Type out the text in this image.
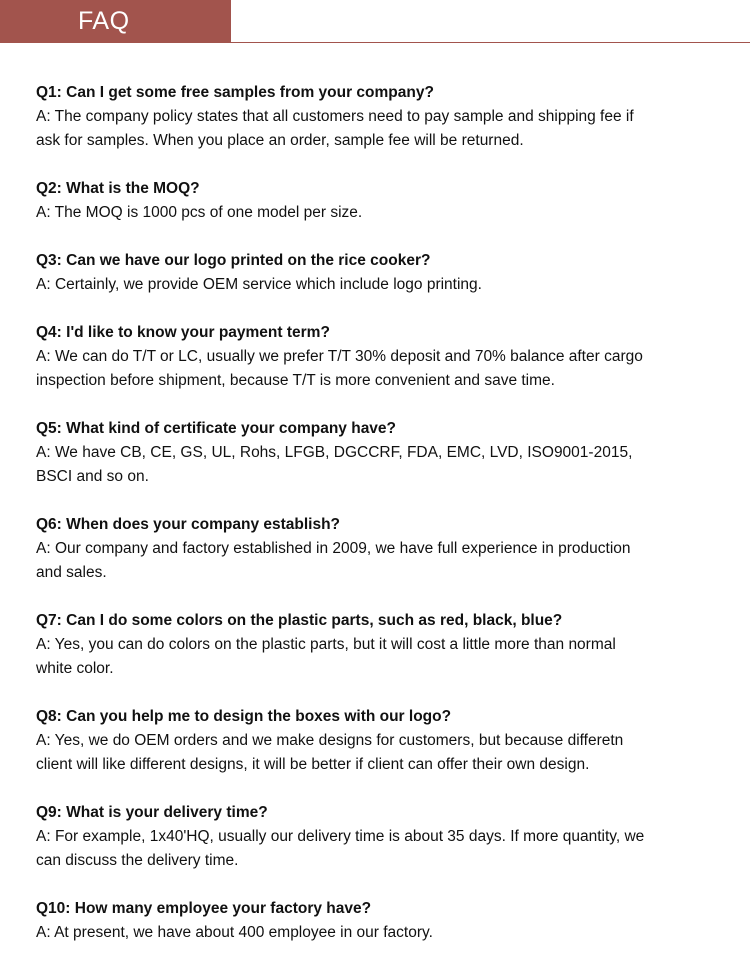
FAQ

Q1: Can I get some free samples from your company?

A: The company policy states that all customers need to pay sample and shipping fee if
ask for samples. When you place an order, sample fee will be returned.

Q2: What is the MOQ?

A: The MOQ is 1000 pcs of one model per size.

Q3: Can we have our logo printed on the rice cooker?

A: Certainly, we provide OEM service which include logo printing.

Q4: I'd like to know your payment term?

A: We can do T/T or LC, usually we prefer T/T 30% deposit and 70% balance after cargo
inspection before shipment, because T/T is more convenient and save time.

Q5: What kind of certificate your company have?

A: We have CB, CE, GS, UL, Rohs, LFGB, DGCCRF, FDA, EMC, LVD, ISO9001-2015,
BSCI and so on.

Q6: When does your company establish?

A: Our company and factory established in 2009, we have full experience in production
and sales.

Q7: Can I do some colors on the plastic parts, such as red, black, blue?

A: Yes, you can do colors on the plastic parts, but it will cost a little more than normal
white color.

Q8: Can you help me to design the boxes with our logo?

A: Yes, we do OEM orders and we make designs for customers, but because differetn
client will like different designs, it will be better if client can offer their own design.

Q9: What is your delivery time?

A: For example, 1x40'HQ, usually our delivery time is about 35 days. If more quantity, we
can discuss the delivery time.

Q10: How many employee your factory have?

A: At present, we have about 400 employee in our factory.
